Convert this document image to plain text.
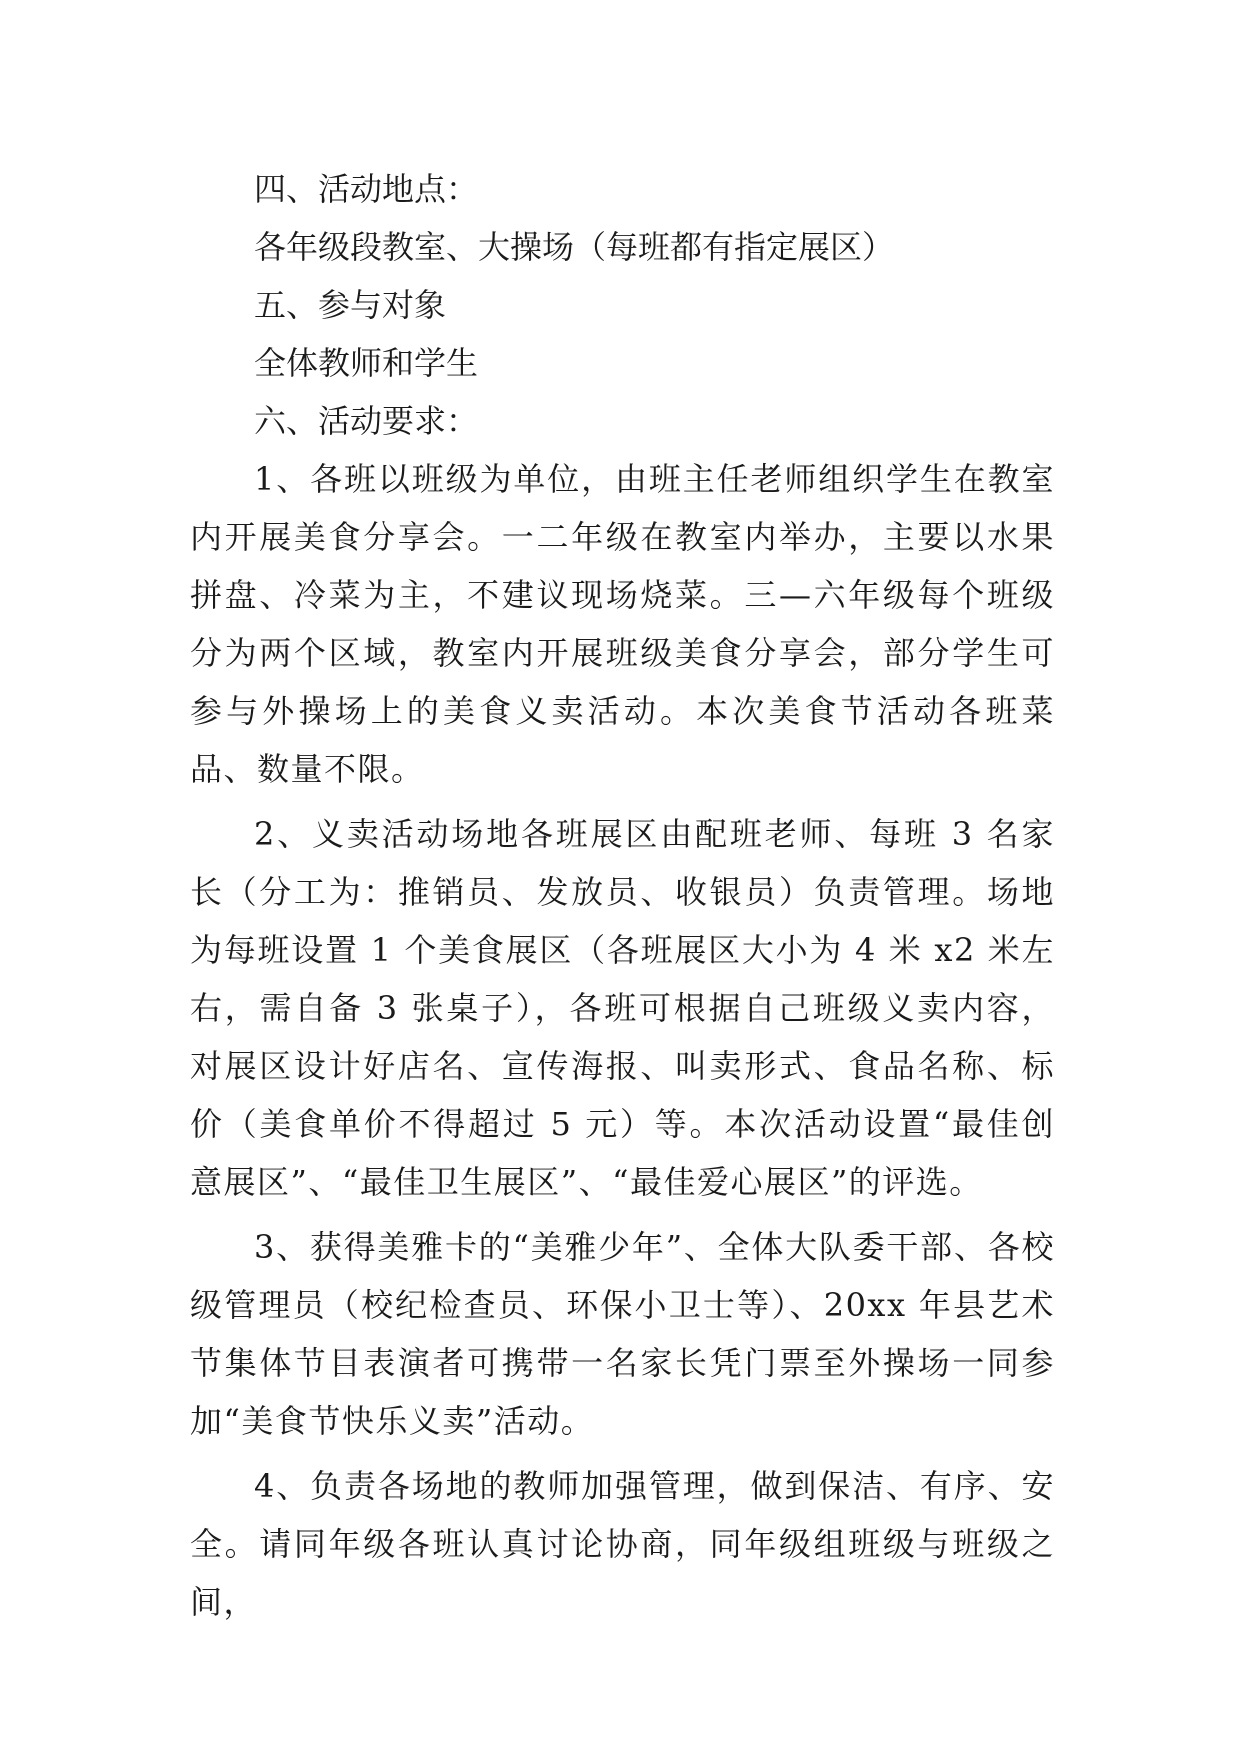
四、活动地点：

各年级段教室、大操场（每班都有指定展区）

五、参与对象

全体教师和学生

六、活动要求：

1、各班以班级为单位，由班主任老师组织学生在教室内开展美食分享会。一二年级在教室内举办，主要以水果拼盘、冷菜为主，不建议现场烧菜。三—六年级每个班级分为两个区域，教室内开展班级美食分享会，部分学生可参与外操场上的美食义卖活动。本次美食节活动各班菜品、数量不限。

2、义卖活动场地各班展区由配班老师、每班 3 名家长（分工为：推销员、发放员、收银员）负责管理。场地为每班设置 1 个美食展区（各班展区大小为 4 米 x2 米左右，需自备 3 张桌子），各班可根据自己班级义卖内容，对展区设计好店名、宣传海报、叫卖形式、食品名称、标价（美食单价不得超过 5 元）等。本次活动设置“最佳创意展区”、“最佳卫生展区”、“最佳爱心展区”的评选。

3、获得美雅卡的“美雅少年”、全体大队委干部、各校级管理员（校纪检查员、环保小卫士等）、20xx 年县艺术节集体节目表演者可携带一名家长凭门票至外操场一同参加“美食节快乐义卖”活动。

4、负责各场地的教师加强管理，做到保洁、有序、安全。请同年级各班认真讨论协商，同年级组班级与班级之间，
